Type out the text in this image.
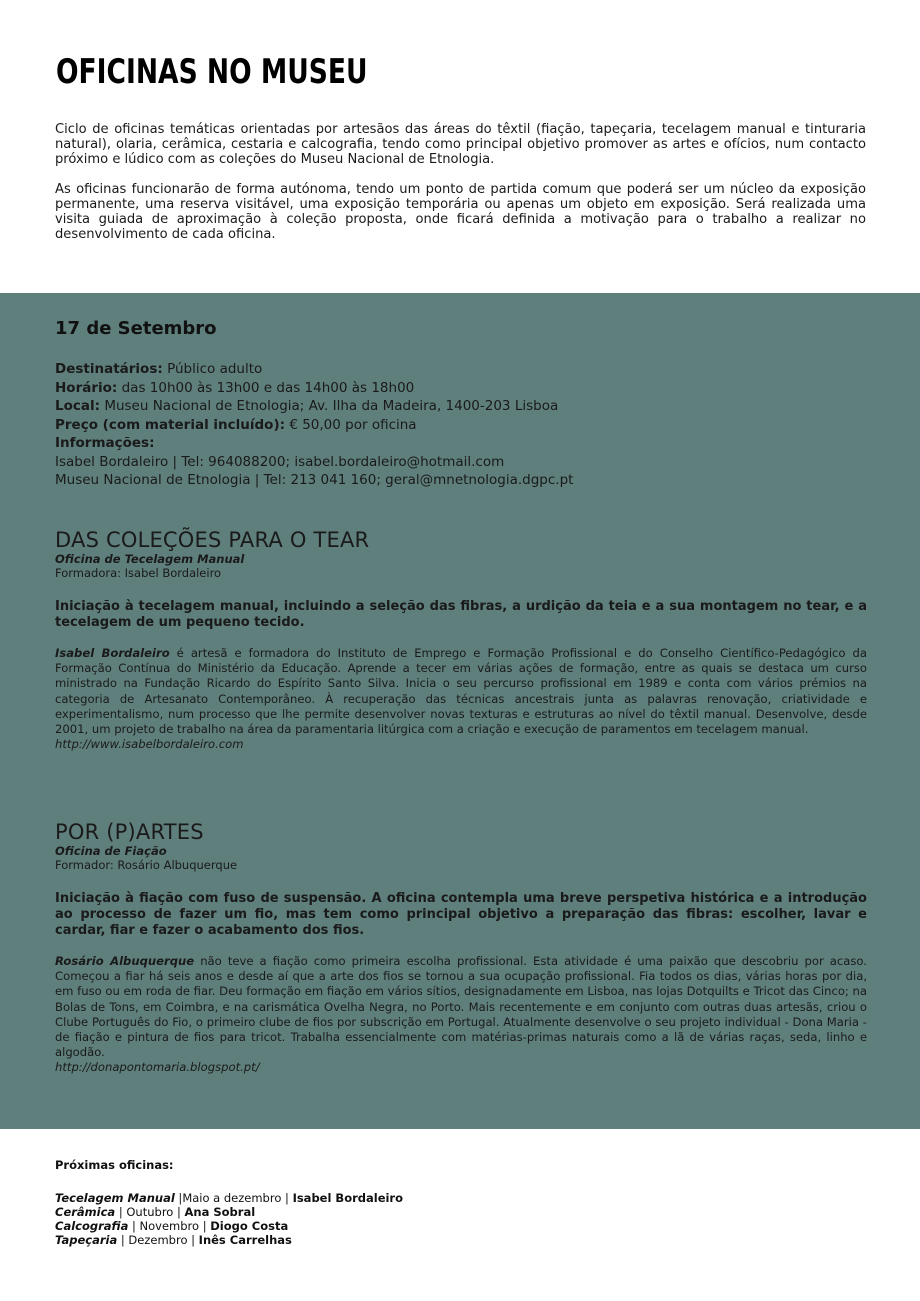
OFICINAS NO MUSEU

Ciclo de oficinas temáticas orientadas por artesãos das áreas do têxtil (fiação, tapeçaria, tecelagem manual e tinturaria natural), olaria, cerâmica, cestaria e calcografia, tendo como principal objetivo promover as artes e ofícios, num contacto próximo e lúdico com as coleções do Museu Nacional de Etnologia.

As oficinas funcionarão de forma autónoma, tendo um ponto de partida comum que poderá ser um núcleo da exposição permanente, uma reserva visitável, uma exposição temporária ou apenas um objeto em exposição. Será realizada uma visita guiada de aproximação à coleção proposta, onde ficará definida a motivação para o trabalho a realizar no desenvolvimento de cada oficina.

17 de Setembro
Destinatários: Público adulto
Horário: das 10h00 às 13h00 e das 14h00 às 18h00
Local: Museu Nacional de Etnologia; Av. Ilha da Madeira, 1400-203 Lisboa
Preço (com material incluído): € 50,00 por oficina
Informações:
Isabel Bordaleiro | Tel: 964088200; isabel.bordaleiro@hotmail.com
Museu Nacional de Etnologia | Tel: 213 041 160; geral@mnetnologia.dgpc.pt
DAS COLEÇÕES PARA O TEAR

Oficina de Tecelagem Manual

Formadora: Isabel Bordaleiro

Iniciação à tecelagem manual, incluindo a seleção das fibras, a urdição da teia e a sua montagem no tear, e a tecelagem de um pequeno tecido.

Isabel Bordaleiro é artesã e formadora do Instituto de Emprego e Formação Profissional e do Conselho Científico-Pedagógico da Formação Contínua do Ministério da Educação. Aprende a tecer em várias ações de formação, entre as quais se destaca um curso ministrado na Fundação Ricardo do Espírito Santo Silva. Inicia o seu percurso profissional em 1989 e conta com vários prémios na categoria de Artesanato Contemporâneo. À recuperação das técnicas ancestrais junta as palavras renovação, criatividade e experimentalismo, num processo que lhe permite desenvolver novas texturas e estruturas ao nível do têxtil manual. Desenvolve, desde 2001, um projeto de trabalho na área da paramentaria litúrgica com a criação e execução de paramentos em tecelagem manual.

http://www.isabelbordaleiro.com

POR (P)ARTES

Oficina de Fiação

Formador: Rosário Albuquerque

Iniciação à fiação com fuso de suspensão. A oficina contempla uma breve perspetiva histórica e a introdução ao processo de fazer um fio, mas tem como principal objetivo a preparação das fibras: escolher, lavar e cardar, fiar e fazer o acabamento dos fios.

Rosário Albuquerque não teve a fiação como primeira escolha profissional. Esta atividade é uma paixão que descobriu por acaso. Começou a fiar há seis anos e desde aí que a arte dos fios se tornou a sua ocupação profissional. Fia todos os dias, várias horas por dia, em fuso ou em roda de fiar. Deu formação em fiação em vários sítios, designadamente em Lisboa, nas lojas Dotquilts e Tricot das Cinco; na Bolas de Tons, em Coimbra, e na carismática Ovelha Negra, no Porto. Mais recentemente e em conjunto com outras duas artesãs, criou o Clube Português do Fio, o primeiro clube de fios por subscrição em Portugal. Atualmente desenvolve o seu projeto individual - Dona Maria - de fiação e pintura de fios para tricot. Trabalha essencialmente com matérias-primas naturais como a lã de várias raças, seda, linho e algodão.

http://donapontomaria.blogspot.pt/

Próximas oficinas:

Tecelagem Manual |Maio a dezembro | Isabel Bordaleiro
Cerâmica | Outubro | Ana Sobral
Calcografia | Novembro | Diogo Costa
Tapeçaria | Dezembro | Inês Carrelhas
